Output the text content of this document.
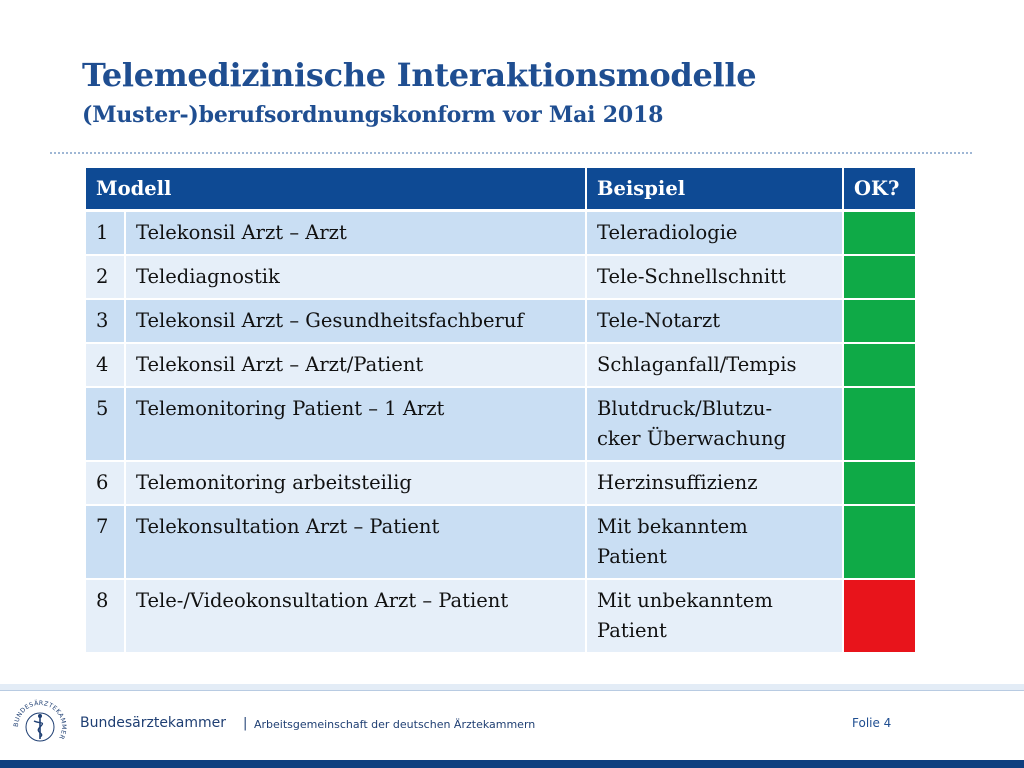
Telemedizinische Interaktionsmodelle
(Muster-)berufsordnungskonform vor Mai 2018
Modell		Beispiel	OK?
1	Telekonsil Arzt – Arzt	Teleradiologie	
2	Telediagnostik	Tele-Schnellschnitt	
3	Telekonsil Arzt – Gesundheitsfachberuf	Tele-Notarzt	
4	Telekonsil Arzt – Arzt/Patient	Schlaganfall/Tempis	
5	Telemonitoring Patient – 1 Arzt	Blutdruck/Blutzu-
cker Überwachung	
6	Telemonitoring arbeitsteilig	Herzinsuffizienz	
7	Telekonsultation Arzt – Patient	Mit bekanntem
Patient	
8	Tele-/Videokonsultation Arzt – Patient	Mit unbekanntem
Patient	
BUNDESÄRZTEKAMMER
Bundesärztekammer | Arbeitsgemeinschaft der deutschen Ärztekammern	Folie 4
